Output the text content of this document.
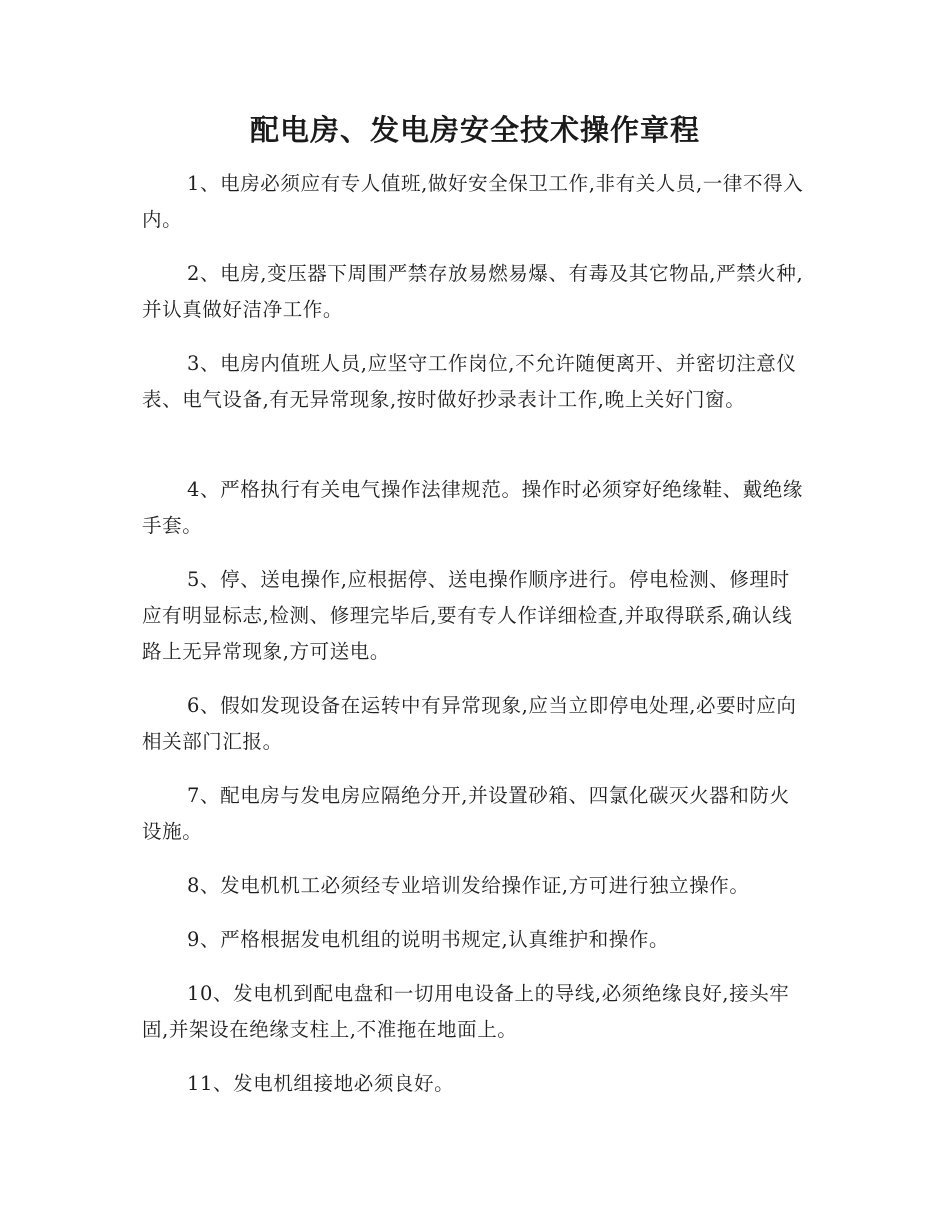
配电房、发电房安全技术操作章程

1、电房必须应有专人值班,做好安全保卫工作,非有关人员,一律不得入内。

2、电房,变压器下周围严禁存放易燃易爆、有毒及其它物品,严禁火种,并认真做好洁净工作。

3、电房内值班人员,应坚守工作岗位,不允许随便离开、并密切注意仪表、电气设备,有无异常现象,按时做好抄录表计工作,晚上关好门窗。

4、严格执行有关电气操作法律规范。操作时必须穿好绝缘鞋、戴绝缘手套。

5、停、送电操作,应根据停、送电操作顺序进行。停电检测、修理时应有明显标志,检测、修理完毕后,要有专人作详细检查,并取得联系,确认线路上无异常现象,方可送电。

6、假如发现设备在运转中有异常现象,应当立即停电处理,必要时应向相关部门汇报。

7、配电房与发电房应隔绝分开,并设置砂箱、四氯化碳灭火器和防火设施。

8、发电机机工必须经专业培训发给操作证,方可进行独立操作。

9、严格根据发电机组的说明书规定,认真维护和操作。

10、发电机到配电盘和一切用电设备上的导线,必须绝缘良好,接头牢固,并架设在绝缘支柱上,不准拖在地面上。

11、发电机组接地必须良好。
